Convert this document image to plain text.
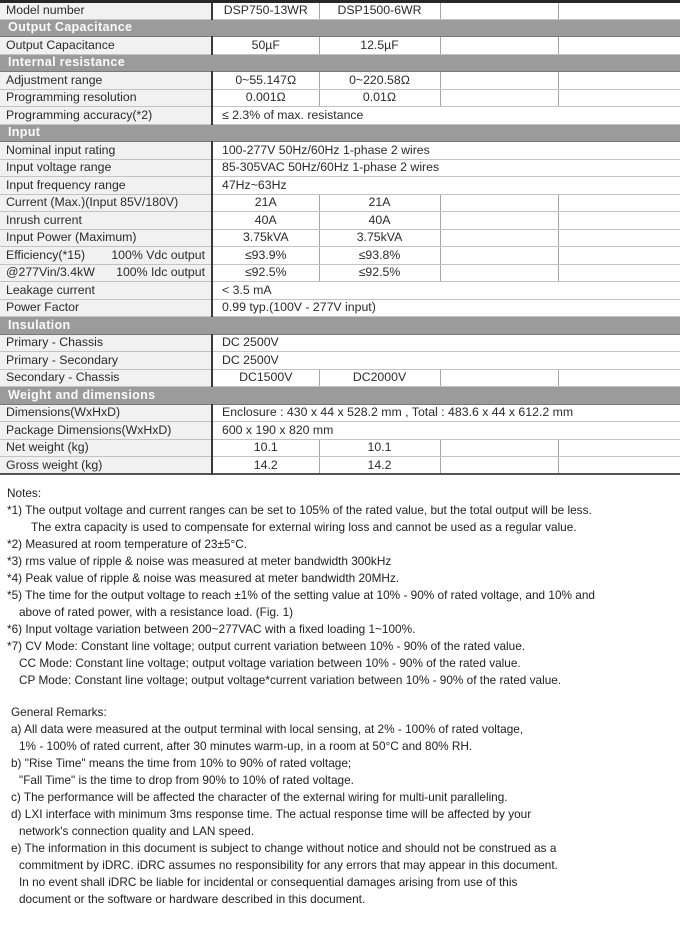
Model number	DSP750-13WR	DSP1500-6WR		
Output Capacitance				
Output Capacitance	50µF	12.5µF		
Internal resistance				
Adjustment range	0~55.147Ω	0~220.58Ω		
Programming resolution	0.001Ω	0.01Ω		
Programming accuracy(*2)	≤ 2.3% of max. resistance			
Input				
Nominal input rating	100-277V 50Hz/60Hz 1-phase 2 wires			
Input voltage range	85-305VAC 50Hz/60Hz 1-phase 2 wires			
Input frequency range	47Hz~63Hz			
Current (Max.)(Input 85V/180V)	21A	21A		
Inrush current	40A	40A		
Input Power (Maximum)	3.75kVA	3.75kVA		

Efficiency(*15) 100% Vdc output	≤93.9%	≤93.8%		

@277Vin/3.4kW 100% Idc output	≤92.5%	≤92.5%		
Leakage current	< 3.5 mA			
Power Factor	0.99 typ.(100V - 277V input)			
Insulation				
Primary - Chassis	DC 2500V			
Primary - Secondary	DC 2500V			
Secondary - Chassis	DC1500V	DC2000V		
Weight and dimensions				
Dimensions(WxHxD)	Enclosure : 430 x 44 x 528.2 mm , Total : 483.6 x 44 x 612.2 mm			
Package Dimensions(WxHxD)	600 x 190 x 820 mm			
Net weight (kg)	10.1	10.1		
Gross weight (kg)	14.2	14.2		
Notes:
*1) The output voltage and current ranges can be set to 105% of the rated value, but the total output will be less.
The extra capacity is used to compensate for external wiring loss and cannot be used as a regular value.
*2) Measured at room temperature of 23±5°C.
*3) rms value of ripple & noise was measured at meter bandwidth 300kHz
*4) Peak value of ripple & noise was measured at meter bandwidth 20MHz.
*5) The time for the output voltage to reach ±1% of the setting value at 10% - 90% of rated voltage, and 10% and
above of rated power, with a resistance load. (Fig. 1)
*6) Input voltage variation between 200~277VAC with a fixed loading 1~100%.
*7) CV Mode: Constant line voltage; output current variation between 10% - 90% of the rated value.
CC Mode: Constant line voltage; output voltage variation between 10% - 90% of the rated value.
CP Mode: Constant line voltage; output voltage*current variation between 10% - 90% of the rated value.
General Remarks:
a) All data were measured at the output terminal with local sensing, at 2% - 100% of rated voltage,
1% - 100% of rated current, after 30 minutes warm-up, in a room at 50°C and 80% RH.
b) "Rise Time" means the time from 10% to 90% of rated voltage;
"Fall Time" is the time to drop from 90% to 10% of rated voltage.
c) The performance will be affected the character of the external wiring for multi-unit paralleling.
d) LXI interface with minimum 3ms response time. The actual response time will be affected by your
network's connection quality and LAN speed.
e) The information in this document is subject to change without notice and should not be construed as a
commitment by iDRC. iDRC assumes no responsibility for any errors that may appear in this document.
In no event shall iDRC be liable for incidental or consequential damages arising from use of this
document or the software or hardware described in this document.
